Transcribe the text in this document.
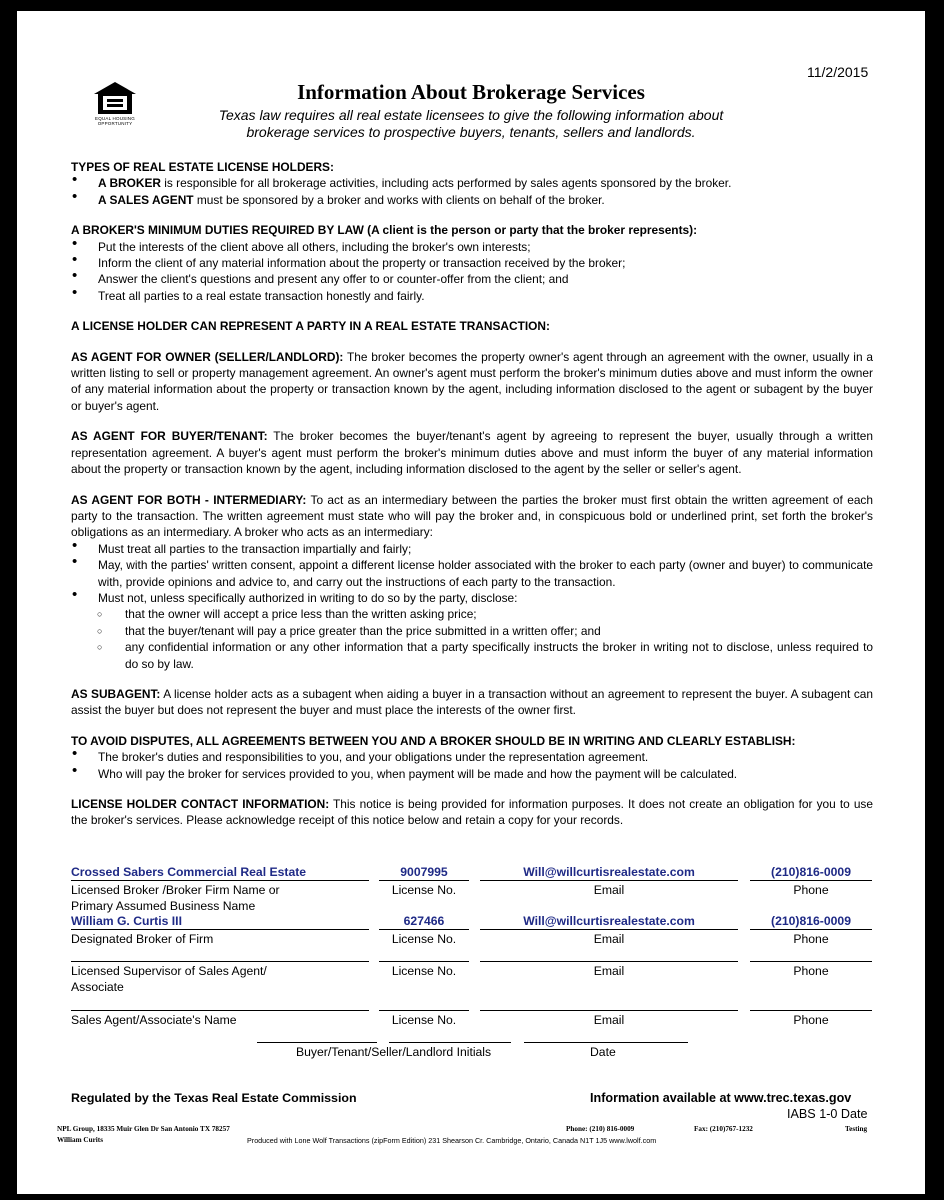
11/2/2015
EQUAL HOUSING OPPORTUNITY
Information About Brokerage Services
Texas law requires all real estate licensees to give the following information about
brokerage services to prospective buyers, tenants, sellers and landlords.

TYPES OF REAL ESTATE LICENSE HOLDERS:

• A BROKER is responsible for all brokerage activities, including acts performed by sales agents sponsored by the broker.
• A SALES AGENT must be sponsored by a broker and works with clients on behalf of the broker.

A BROKER'S MINIMUM DUTIES REQUIRED BY LAW (A client is the person or party that the broker represents):

• Put the interests of the client above all others, including the broker's own interests;
• Inform the client of any material information about the property or transaction received by the broker;
• Answer the client's questions and present any offer to or counter-offer from the client; and
• Treat all parties to a real estate transaction honestly and fairly.

A LICENSE HOLDER CAN REPRESENT A PARTY IN A REAL ESTATE TRANSACTION:

AS AGENT FOR OWNER (SELLER/LANDLORD): The broker becomes the property owner's agent through an agreement with the owner, usually in a written listing to sell or property management agreement. An owner's agent must perform the broker's minimum duties above and must inform the owner of any material information about the property or transaction known by the agent, including information disclosed to the agent or subagent by the buyer or buyer's agent.

AS AGENT FOR BUYER/TENANT: The broker becomes the buyer/tenant's agent by agreeing to represent the buyer, usually through a written representation agreement. A buyer's agent must perform the broker's minimum duties above and must inform the buyer of any material information about the property or transaction known by the agent, including information disclosed to the agent by the seller or seller's agent.

AS AGENT FOR BOTH - INTERMEDIARY: To act as an intermediary between the parties the broker must first obtain the written agreement of each party to the transaction. The written agreement must state who will pay the broker and, in conspicuous bold or underlined print, set forth the broker's obligations as an intermediary. A broker who acts as an intermediary:

• Must treat all parties to the transaction impartially and fairly;
• May, with the parties' written consent, appoint a different license holder associated with the broker to each party (owner and buyer) to communicate with, provide opinions and advice to, and carry out the instructions of each party to the transaction.
• Must not, unless specifically authorized in writing to do so by the party, disclose:
○ that the owner will accept a price less than the written asking price;
○ that the buyer/tenant will pay a price greater than the price submitted in a written offer; and
○ any confidential information or any other information that a party specifically instructs the broker in writing not to disclose, unless required to do so by law.

AS SUBAGENT: A license holder acts as a subagent when aiding a buyer in a transaction without an agreement to represent the buyer. A subagent can assist the buyer but does not represent the buyer and must place the interests of the owner first.

TO AVOID DISPUTES, ALL AGREEMENTS BETWEEN YOU AND A BROKER SHOULD BE IN WRITING AND CLEARLY ESTABLISH:

• The broker's duties and responsibilities to you, and your obligations under the representation agreement.
• Who will pay the broker for services provided to you, when payment will be made and how the payment will be calculated.

LICENSE HOLDER CONTACT INFORMATION: This notice is being provided for information purposes. It does not create an obligation for you to use the broker's services. Please acknowledge receipt of this notice below and retain a copy for your records.

Crossed Sabers Commercial Real Estate	9007995	Will@willcurtisrealestate.com	(210)816-0009
Licensed Broker /Broker Firm Name or
Primary Assumed Business Name
License No.	Email	Phone
William G. Curtis III	627466	Will@willcurtisrealestate.com	(210)816-0009
Designated Broker of Firm	License No.	Email	Phone
Licensed Supervisor of Sales Agent/
Associate
License No.	Email	Phone
Sales Agent/Associate's Name	License No.	Email	Phone
Buyer/Tenant/Seller/Landlord Initials	Date
Regulated by the Texas Real Estate Commission	Information available at www.trec.texas.gov
IABS 1-0 Date
NPL Group, 18335 Muir Glen Dr San Antonio TX 78257	Phone: (210) 816-0009	Fax: (210)767-1232	Testing
William Curits	Produced with Lone Wolf Transactions (zipForm Edition) 231 Shearson Cr. Cambridge, Ontario, Canada N1T 1J5 www.lwolf.com
